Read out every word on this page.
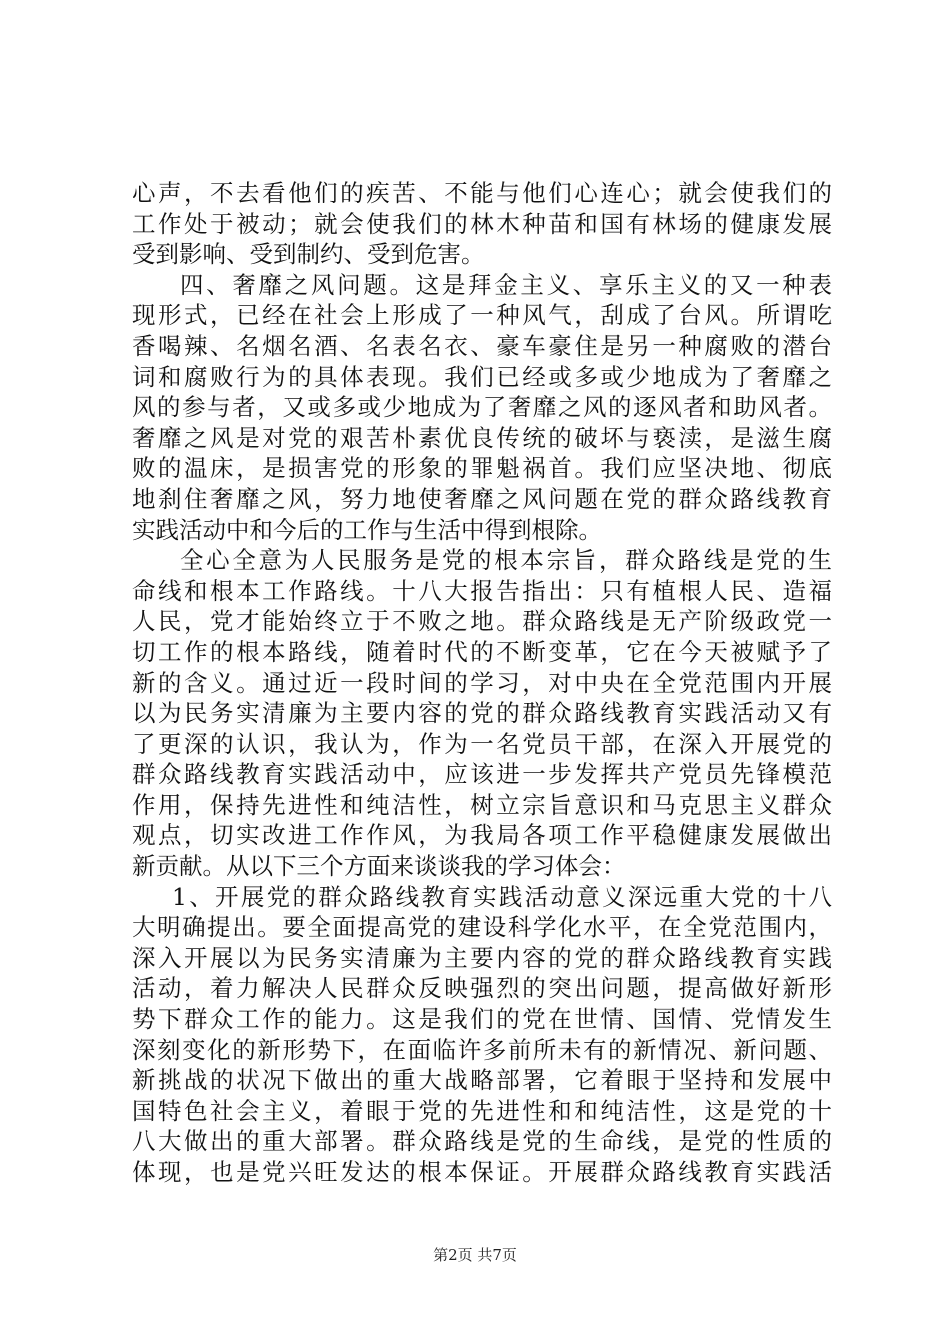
心声，不去看他们的疾苦、不能与他们心连心；就会使我们的
工作处于被动；就会使我们的林木种苗和国有林场的健康发展
受到影响、受到制约、受到危害。
四、奢靡之风问题。这是拜金主义、享乐主义的又一种表
现形式，已经在社会上形成了一种风气，刮成了台风。所谓吃
香喝辣、名烟名酒、名表名衣、豪车豪住是另一种腐败的潜台
词和腐败行为的具体表现。我们已经或多或少地成为了奢靡之
风的参与者，又或多或少地成为了奢靡之风的逐风者和助风者。
奢靡之风是对党的艰苦朴素优良传统的破坏与亵渎，是滋生腐
败的温床，是损害党的形象的罪魁祸首。我们应坚决地、彻底
地刹住奢靡之风，努力地使奢靡之风问题在党的群众路线教育
实践活动中和今后的工作与生活中得到根除。
全心全意为人民服务是党的根本宗旨，群众路线是党的生
命线和根本工作路线。十八大报告指出：只有植根人民、造福
人民，党才能始终立于不败之地。群众路线是无产阶级政党一
切工作的根本路线，随着时代的不断变革，它在今天被赋予了
新的含义。通过近一段时间的学习，对中央在全党范围内开展
以为民务实清廉为主要内容的党的群众路线教育实践活动又有
了更深的认识，我认为，作为一名党员干部，在深入开展党的
群众路线教育实践活动中，应该进一步发挥共产党员先锋模范
作用，保持先进性和纯洁性，树立宗旨意识和马克思主义群众
观点，切实改进工作作风，为我局各项工作平稳健康发展做出
新贡献。从以下三个方面来谈谈我的学习体会：
1、开展党的群众路线教育实践活动意义深远重大党的十八
大明确提出。要全面提高党的建设科学化水平，在全党范围内，
深入开展以为民务实清廉为主要内容的党的群众路线教育实践
活动，着力解决人民群众反映强烈的突出问题，提高做好新形
势下群众工作的能力。这是我们的党在世情、国情、党情发生
深刻变化的新形势下，在面临许多前所未有的新情况、新问题、
新挑战的状况下做出的重大战略部署，它着眼于坚持和发展中
国特色社会主义，着眼于党的先进性和和纯洁性，这是党的十
八大做出的重大部署。群众路线是党的生命线，是党的性质的
体现，也是党兴旺发达的根本保证。开展群众路线教育实践活
第2页 共7页
